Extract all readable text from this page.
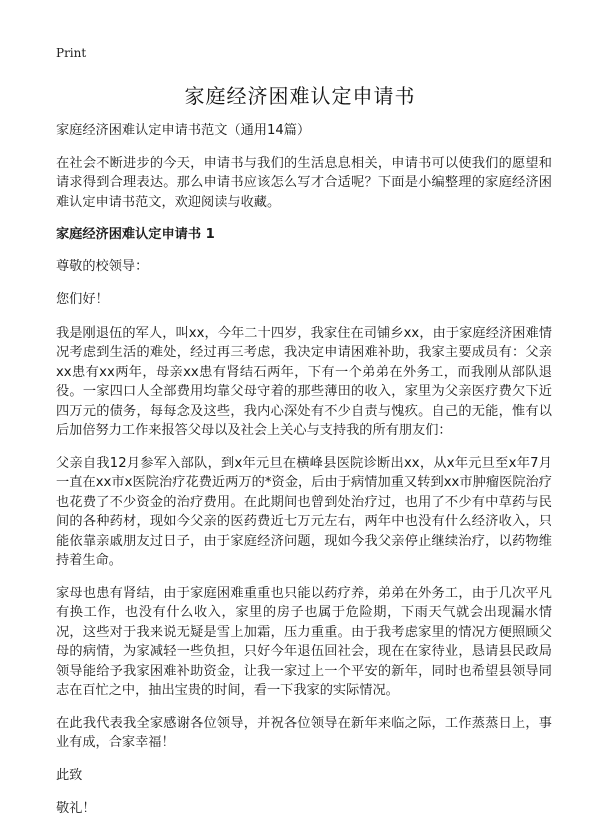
Print
家庭经济困难认定申请书

家庭经济困难认定申请书范文（通用14篇）

在社会不断进步的今天，申请书与我们的生活息息相关，申请书可以使我们的愿望和请求得到合理表达。那么申请书应该怎么写才合适呢？下面是小编整理的家庭经济困难认定申请书范文，欢迎阅读与收藏。

家庭经济困难认定申请书 1

尊敬的校领导：

您们好！

我是刚退伍的军人，叫xx，今年二十四岁，我家住在司铺乡xx，由于家庭经济困难情况考虑到生活的难处，经过再三考虑，我决定申请困难补助，我家主要成员有：父亲xx患有xx两年，母亲xx患有肾结石两年，下有一个弟弟在外务工，而我刚从部队退役。一家四口人全部费用均靠父母守着的那些薄田的收入，家里为父亲医疗费欠下近四万元的债务，每每念及这些，我内心深处有不少自责与愧疚。自己的无能，惟有以后加倍努力工作来报答父母以及社会上关心与支持我的所有朋友们：

父亲自我12月参军入部队，到x年元旦在横峰县医院诊断出xx，从x年元旦至x年7月一直在xx市x医院治疗花费近两万的*资金，后由于病情加重又转到xx市肿瘤医院治疗也花费了不少资金的治疗费用。在此期间也曾到处治疗过，也用了不少有中草药与民间的各种药材，现如今父亲的医药费近七万元左右，两年中也没有什么经济收入，只能依靠亲戚朋友过日子，由于家庭经济问题，现如今我父亲停止继续治疗，以药物维持着生命。

家母也患有肾结，由于家庭困难重重也只能以药疗养，弟弟在外务工，由于几次平凡有换工作，也没有什么收入，家里的房子也属于危险期，下雨天气就会出现漏水情况，这些对于我来说无疑是雪上加霜，压力重重。由于我考虑家里的情况方便照顾父母的病情，为家减轻一些负担，只好今年退伍回社会，现在在家待业，恳请县民政局领导能给予我家困难补助资金，让我一家过上一个平安的新年，同时也希望县领导同志在百忙之中，抽出宝贵的时间，看一下我家的实际情况。

在此我代表我全家感谢各位领导，并祝各位领导在新年来临之际，工作蒸蒸日上，事业有成，合家幸福！

此致

敬礼！
